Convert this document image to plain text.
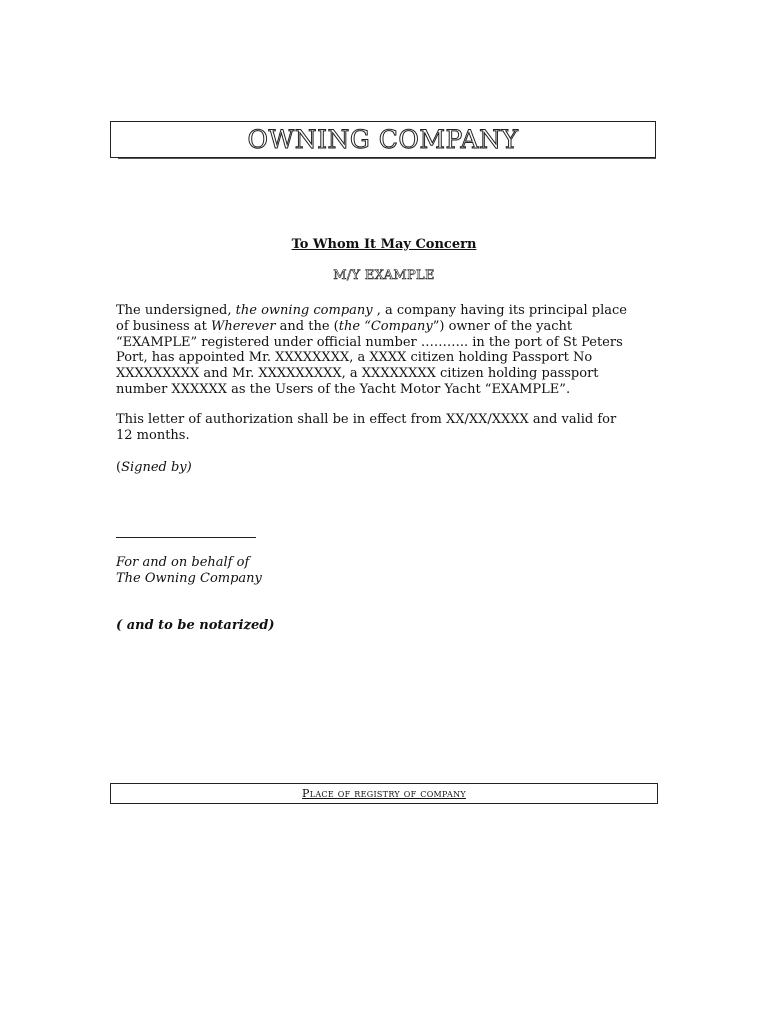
OWNING COMPANY
To Whom It May Concern
M/Y EXAMPLE
The undersigned, the owning company , a company having its principal place
of business at Wherever and the (the “Company”) owner of the yacht
“EXAMPLE” registered under official number ……….. in the port of St Peters
Port, has appointed Mr. XXXXXXXX, a XXXX citizen holding Passport No
XXXXXXXXX and Mr. XXXXXXXXX, a XXXXXXXX citizen holding passport
number XXXXXX as the Users of the Yacht Motor Yacht “EXAMPLE”.
This letter of authorization shall be in effect from XX/XX/XXXX and valid for
12 months.
(Signed by)
For and on behalf of
The Owning Company
( and to be notarized)
Place of registry of company
